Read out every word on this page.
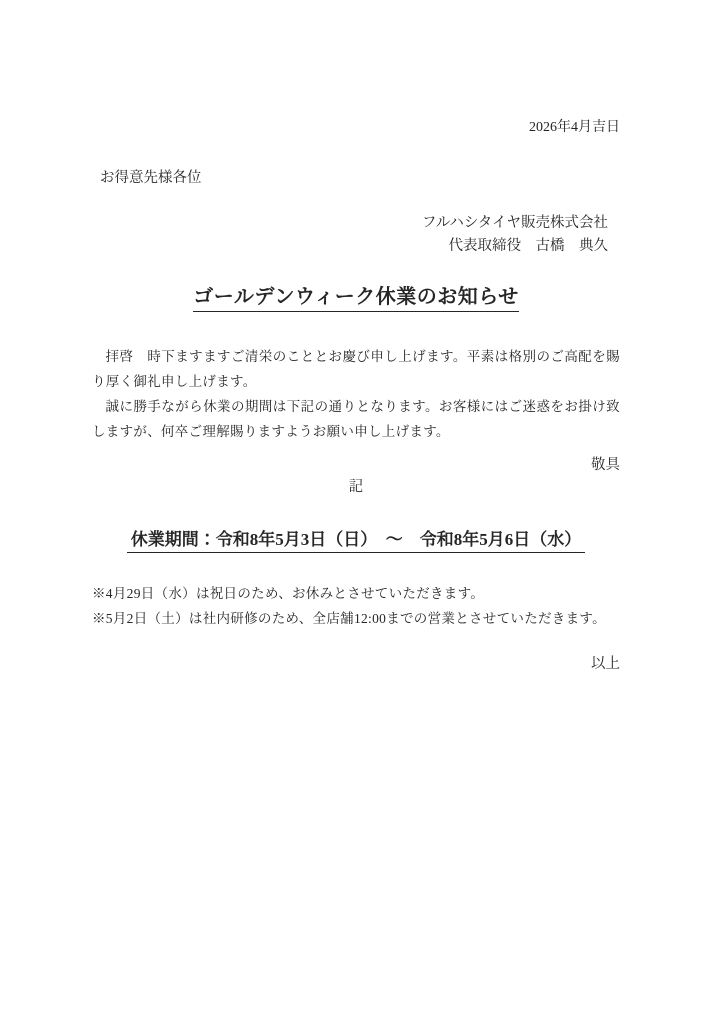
2026年4月吉日
お得意先様各位
フルハシタイヤ販売株式会社
代表取締役　古橋　典久
ゴールデンウィーク休業のお知らせ

拝啓　時下ますますご清栄のこととお慶び申し上げます。平素は格別のご高配を賜り厚く御礼申し上げます。

誠に勝手ながら休業の期間は下記の通りとなります。お客様にはご迷惑をお掛け致しますが、何卒ご理解賜りますようお願い申し上げます。

敬具
記
休業期間：令和8年5月3日（日）　～　令和8年5月6日（水）
※4月29日（水）は祝日のため、お休みとさせていただきます。
※5月2日（土）は社内研修のため、全店舗12:00までの営業とさせていただきます。
以上
